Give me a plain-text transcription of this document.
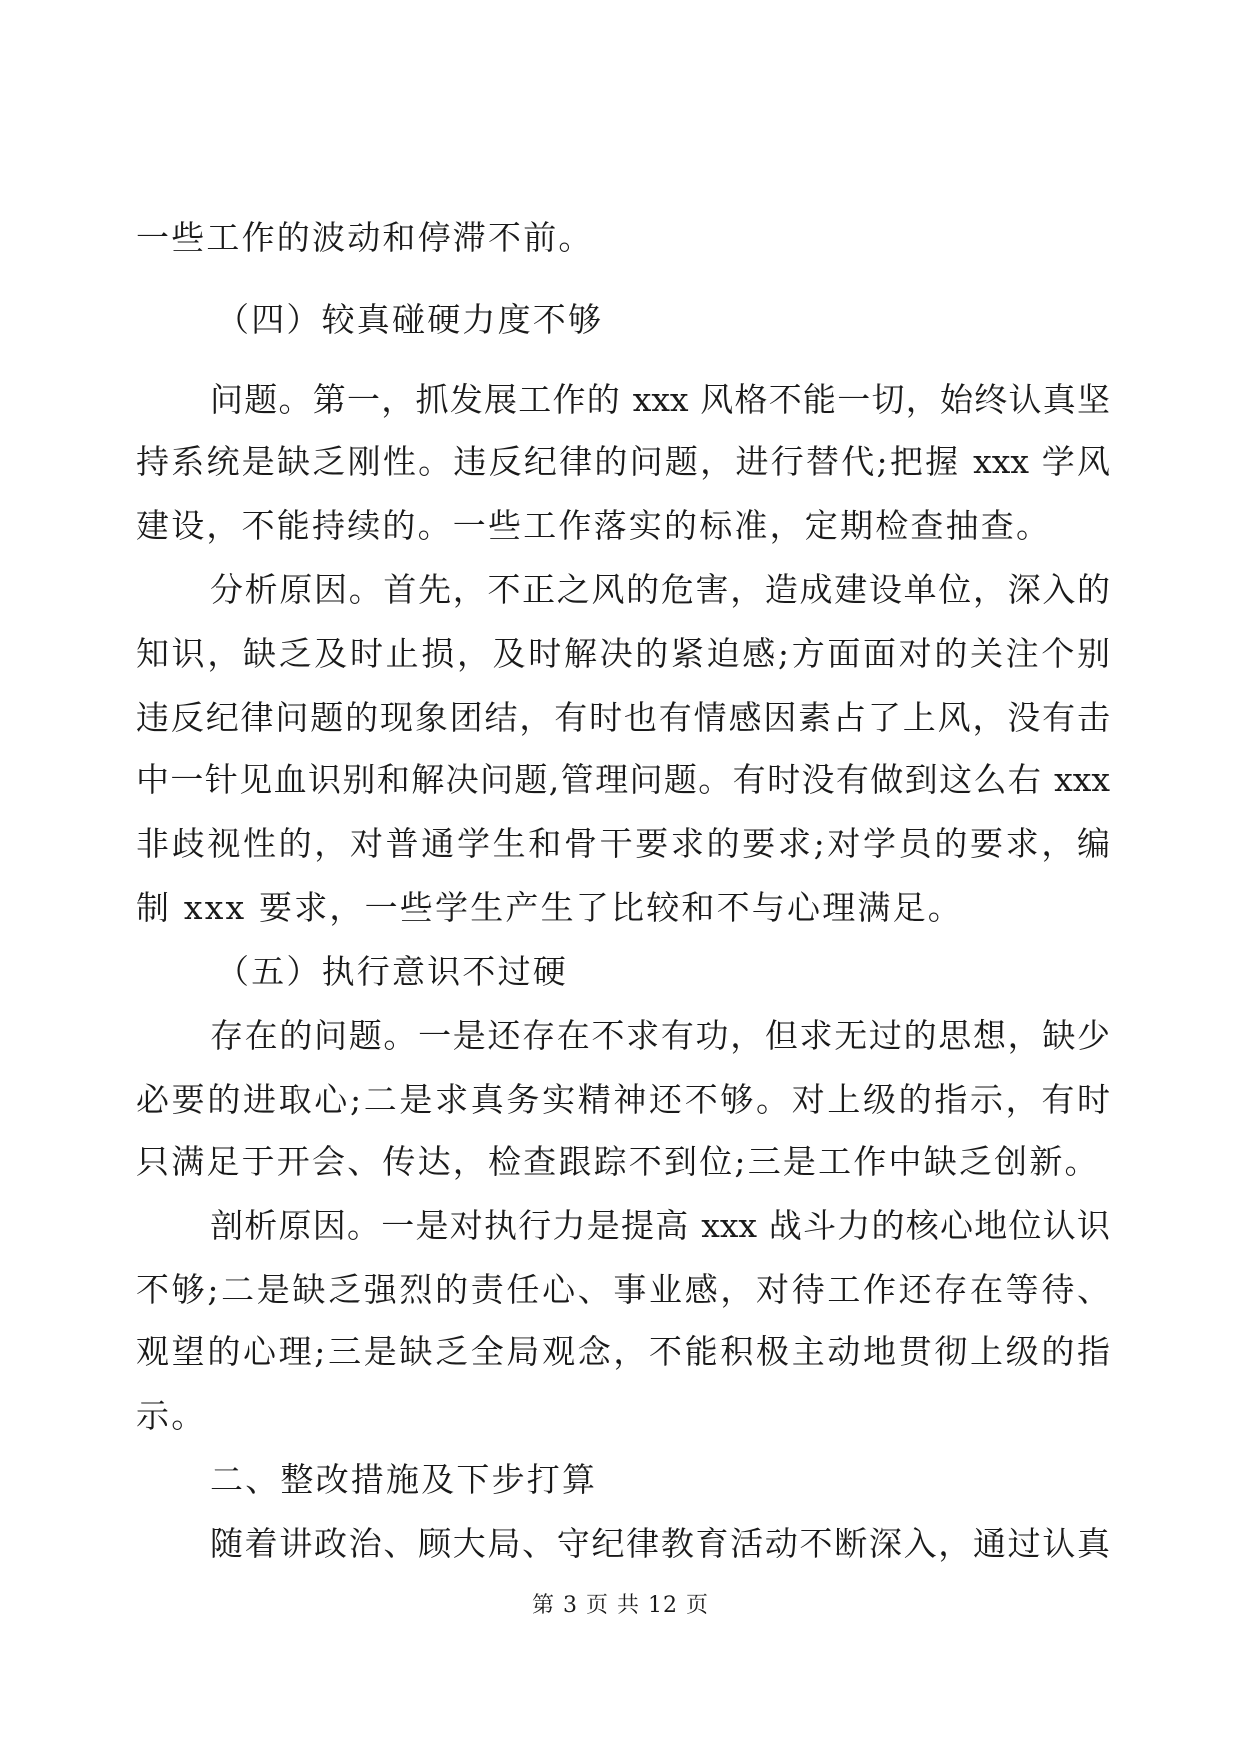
一些工作的波动和停滞不前。
（四）较真碰硬力度不够
问题。第一，抓发展工作的 xxx 风格不能一切，始终认真坚
持系统是缺乏刚性。违反纪律的问题，进行替代;把握 xxx 学风
建设，不能持续的。一些工作落实的标准，定期检查抽查。
分析原因。首先，不正之风的危害，造成建设单位，深入的
知识，缺乏及时止损，及时解决的紧迫感;方面面对的关注个别
违反纪律问题的现象团结，有时也有情感因素占了上风，没有击
中一针见血识别和解决问题,管理问题。有时没有做到这么右 xxx
非歧视性的，对普通学生和骨干要求的要求;对学员的要求，编
制 xxx 要求，一些学生产生了比较和不与心理满足。
（五）执行意识不过硬
存在的问题。一是还存在不求有功，但求无过的思想，缺少
必要的进取心;二是求真务实精神还不够。对上级的指示，有时
只满足于开会、传达，检查跟踪不到位;三是工作中缺乏创新。
剖析原因。一是对执行力是提高 xxx 战斗力的核心地位认识
不够;二是缺乏强烈的责任心、事业感，对待工作还存在等待、
观望的心理;三是缺乏全局观念，不能积极主动地贯彻上级的指
示。
二、整改措施及下步打算
随着讲政治、顾大局、守纪律教育活动不断深入，通过认真
第 3 页 共 12 页
